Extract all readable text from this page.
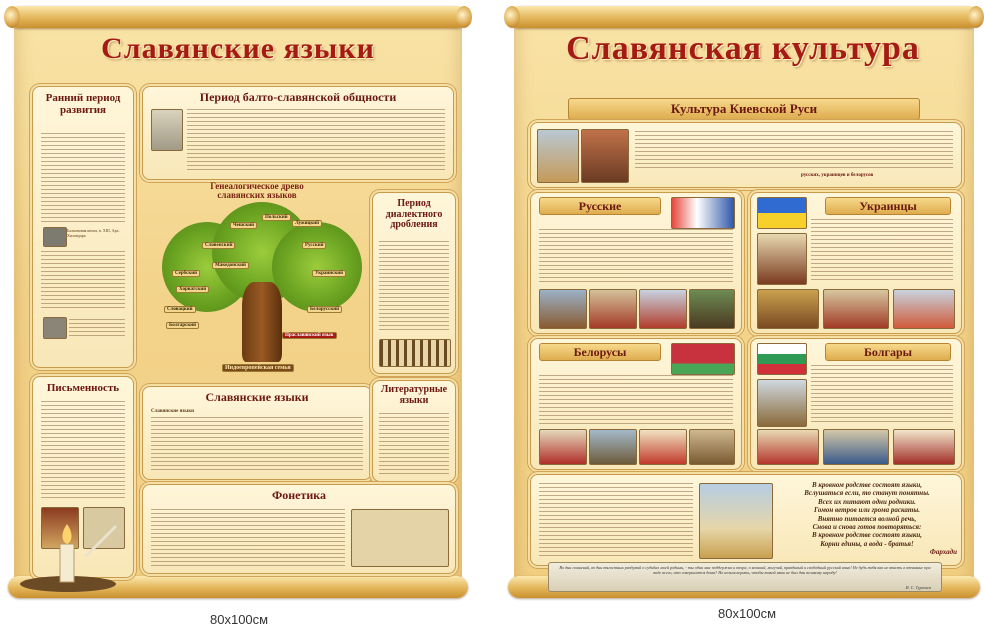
Славянские языки
Ранний период развития
Балкановая книга, в. XIII, Арх. Хиландара
Период балто-славянской общности
Генеалогическое древо славянских языков
Словенский
Чешский
Польский
Сербский
Хорватский
Словацкий
Болгарский
Македонский
Русский
Белорусский
Украинский
Лужицкий
Праславянский язык
Индоевропейская семья
Период диалектного дробления
Письменность
Славянские языки
Славянские языки
Литературные языки
Фонетика
80x100см
Славянская культура
Культура Киевской Руси
русских, украинцев и белорусов
Русские	Украинцы
Белорусы	Болгары
В кровном родстве состоят языки,
Вслушаться если, то станут понятны.
Всех их питают одни родники.
Гомон ветров или грома раскаты.
Внятно питается волной речь,
Снова и снова готов повторяться:
В кровном родстве состоят языки,
Корни едины, а вода - братья!
Фархади
Во дни сомнений, во дни тягостных раздумий о судьбах моей родины, - ты одна мне поддержка и опора, о великий, могучий, правдивый и свободный русский язык! Не будь тебя как не впасть в отчаяние при виде всего, что совершается дома? Но нельзя верить, чтобы такой язык не был дан великому народу!
И. С. Тургенев
80x100см
